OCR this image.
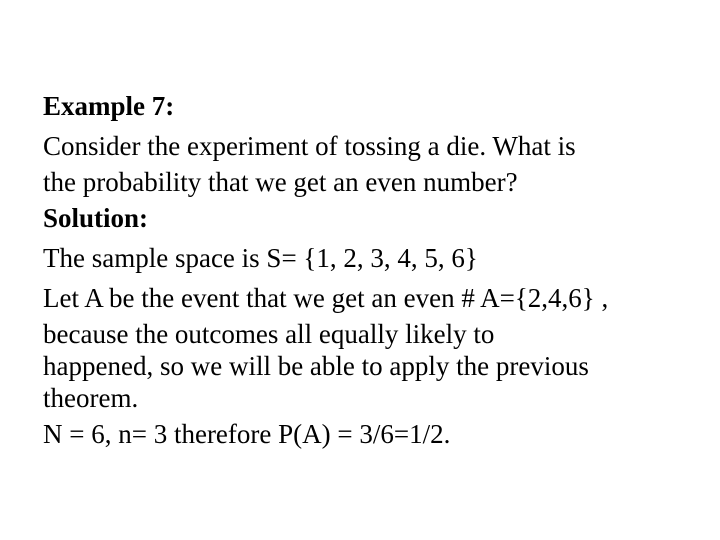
Example 7:

Consider the experiment of tossing a die. What is
the probability that we get an even number?

Solution:

The sample space is S= {1, 2, 3, 4, 5, 6}

Let A be the event that we get an even # A={2,4,6} ,
because the outcomes all equally likely to
happened, so we will be able to apply the previous
theorem.

N = 6, n= 3 therefore P(A) = 3/6=1/2.
